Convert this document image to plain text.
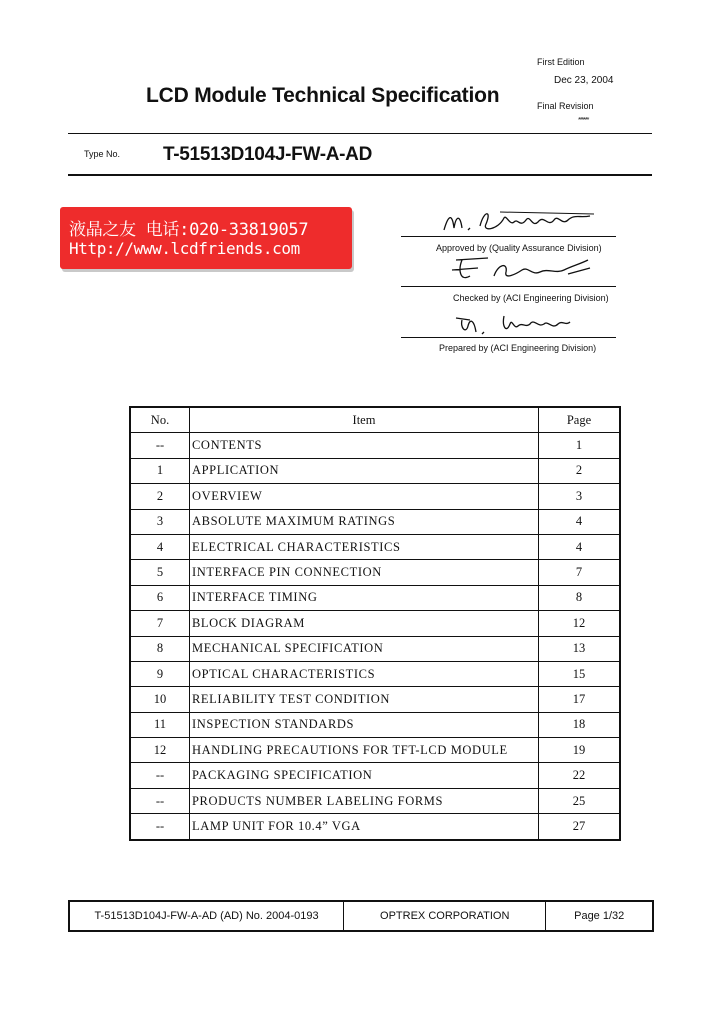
First Edition
Dec 23, 2004
Final Revision
******
LCD Module Technical Specification
Type No. T-51513D104J-FW-A-AD
液晶之友 电话:020-33819057
Http://www.lcdfriends.com	Approved by (Quality Assurance Division)
Checked by (ACI Engineering Division)
Prepared by (ACI Engineering Division)
No.	Item	Page
--	CONTENTS	1
1	APPLICATION	2
2	OVERVIEW	3
3	ABSOLUTE MAXIMUM RATINGS	4
4	ELECTRICAL CHARACTERISTICS	4
5	INTERFACE PIN CONNECTION	7
6	INTERFACE TIMING	8
7	BLOCK DIAGRAM	12
8	MECHANICAL SPECIFICATION	13
9	OPTICAL CHARACTERISTICS	15
10	RELIABILITY TEST CONDITION	17
11	INSPECTION STANDARDS	18
12	HANDLING PRECAUTIONS FOR TFT-LCD MODULE	19
--	PACKAGING SPECIFICATION	22
--	PRODUCTS NUMBER LABELING FORMS	25
--	LAMP UNIT FOR 10.4” VGA	27
T-51513D104J-FW-A-AD (AD) No. 2004-0193	OPTREX CORPORATION	Page 1/32
